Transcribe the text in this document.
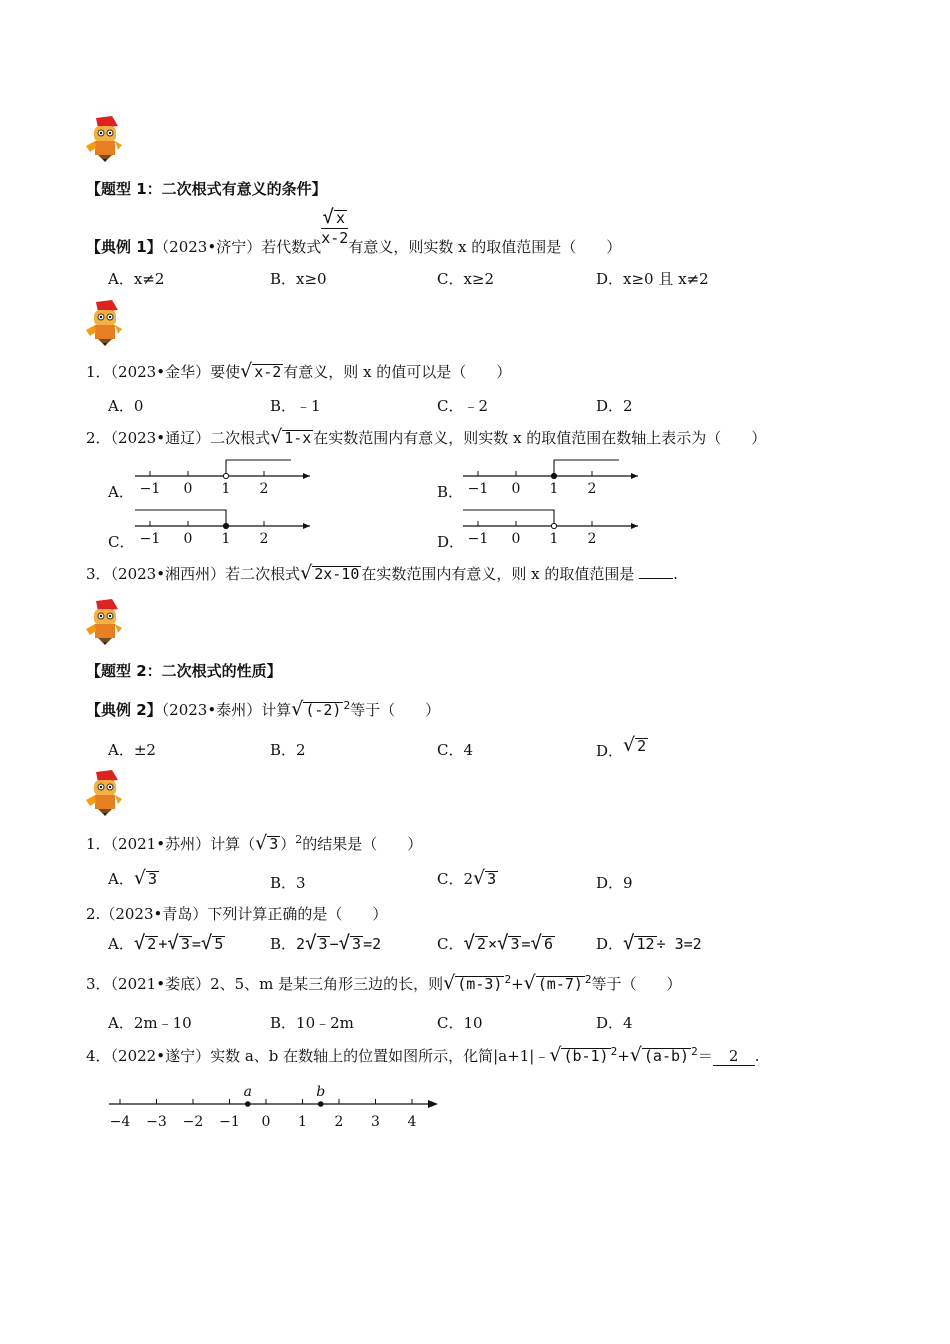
【题型 1：二次根式有意义的条件】
【典例 1】（2023•济宁）若代数式 $\frac{√ x}{x-2}$ 有意义，则实数 x 的取值范围是（　　）
A．x≠2	B．x≥0	C．x≥2	D．x≥0 且 x≠2
1．（2023•金华）要使√ x-2 有意义，则 x 的值可以是（　　）
A．0	B．﹣1	C．﹣2	D．2
2．（2023•通辽）二次根式√ 1-x 在实数范围内有意义，则实数 x 的取值范围在数轴上表示为（　　）
A．	B．
C．	D．
−1 0 1 2	−1 0 1 2
−1 0 1 2	−1 0 1 2
3．（2023•湘西州）若二次根式√ 2x-10 在实数范围内有意义，则 x 的取值范围是	.
【题型 2：二次根式的性质】
【典例 2】（2023•泰州）计算√ (-2) $^2$等于（　　）
A．±2	B．2	C．4	D．√ 2
1．（2021•苏州）计算（√ 3 ）$^2$的结果是（　　）
A．√ 3	B．3	C．2√ 3	D．9
2.（2023•青岛）下列计算正确的是（　　）
A．√ 2 +√ 3 =√ 5	B．2√ 3 −√ 3 =2	C．√ 2 ×√ 3 =√ 6	D．√ 12 ÷ 3=2
3．（2021•娄底）2、5、m 是某三角形三边的长，则√ (m-3) $^2$+√ (m-7) $^2$等于（　　）
A．2m﹣10	B．10﹣2m	C．10	D．4
4．（2022•遂宁）实数 a、b 在数轴上的位置如图所示，化简|a+1|﹣√ (b-1) $^2$+√ (a-b) $^2$＝ 2 .
−4 −3 −2 −1 0 1 2 3 4
a	b
